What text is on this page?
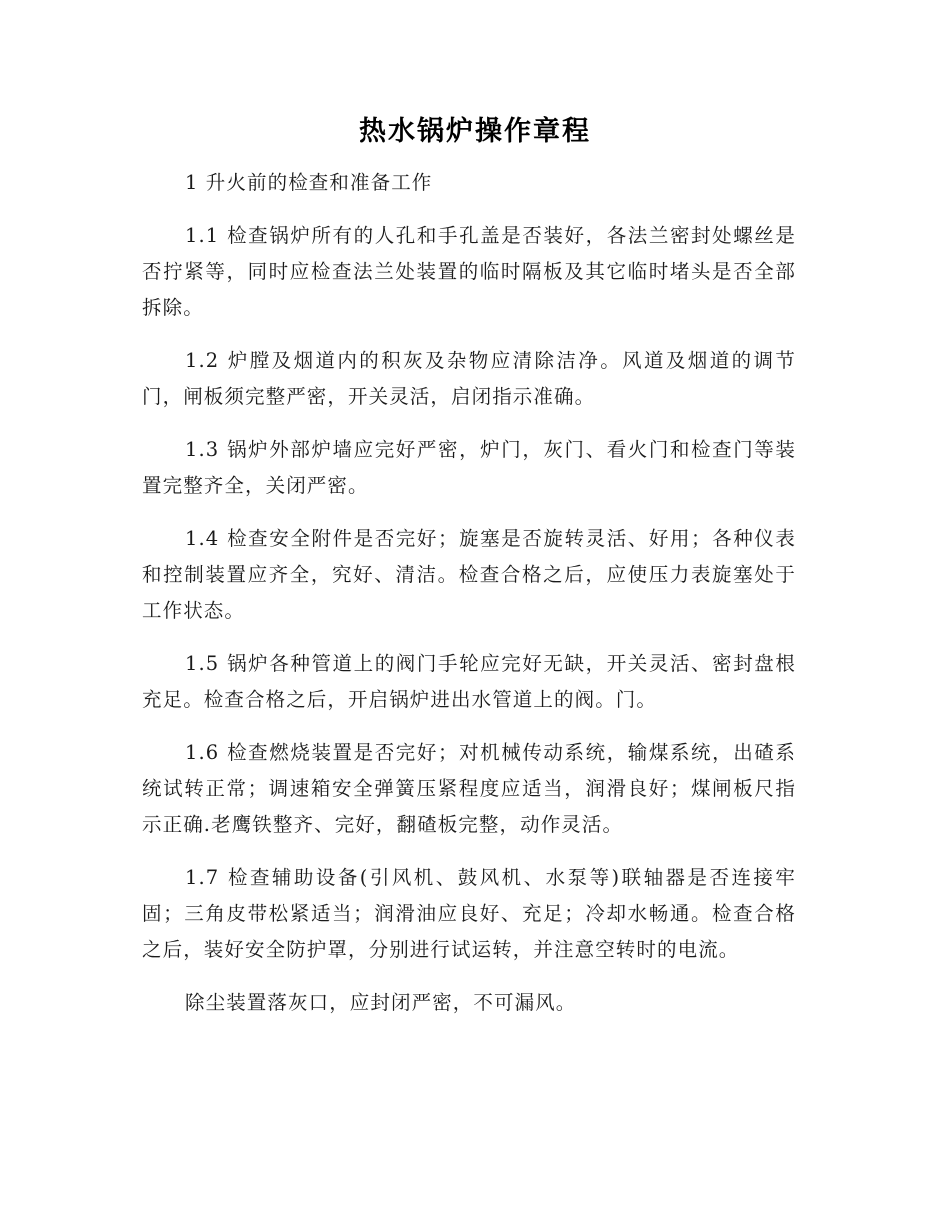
热水锅炉操作章程

1 升火前的检查和准备工作

1.1 检查锅炉所有的人孔和手孔盖是否装好，各法兰密封处螺丝是否拧紧等，同时应检查法兰处装置的临时隔板及其它临时堵头是否全部拆除。

1.2 炉膛及烟道内的积灰及杂物应清除洁净。风道及烟道的调节门，闸板须完整严密，开关灵活，启闭指示准确。

1.3 锅炉外部炉墙应完好严密，炉门，灰门、看火门和检查门等装置完整齐全，关闭严密。

1.4 检查安全附件是否完好；旋塞是否旋转灵活、好用；各种仪表和控制装置应齐全，究好、清洁。检查合格之后，应使压力表旋塞处于工作状态。

1.5 锅炉各种管道上的阀门手轮应完好无缺，开关灵活、密封盘根充足。检查合格之后，开启锅炉进出水管道上的阀。门。

1.6 检查燃烧装置是否完好；对机械传动系统，输煤系统，出碴系统试转正常；调速箱安全弹簧压紧程度应适当，润滑良好；煤闸板尺指示正确.老鹰铁整齐、完好，翻碴板完整，动作灵活。

1.7 检查辅助设备(引风机、鼓风机、水泵等)联轴器是否连接牢固；三角皮带松紧适当；润滑油应良好、充足；冷却水畅通。检查合格之后，装好安全防护罩，分别进行试运转，并注意空转时的电流。

除尘装置落灰口，应封闭严密，不可漏风。
